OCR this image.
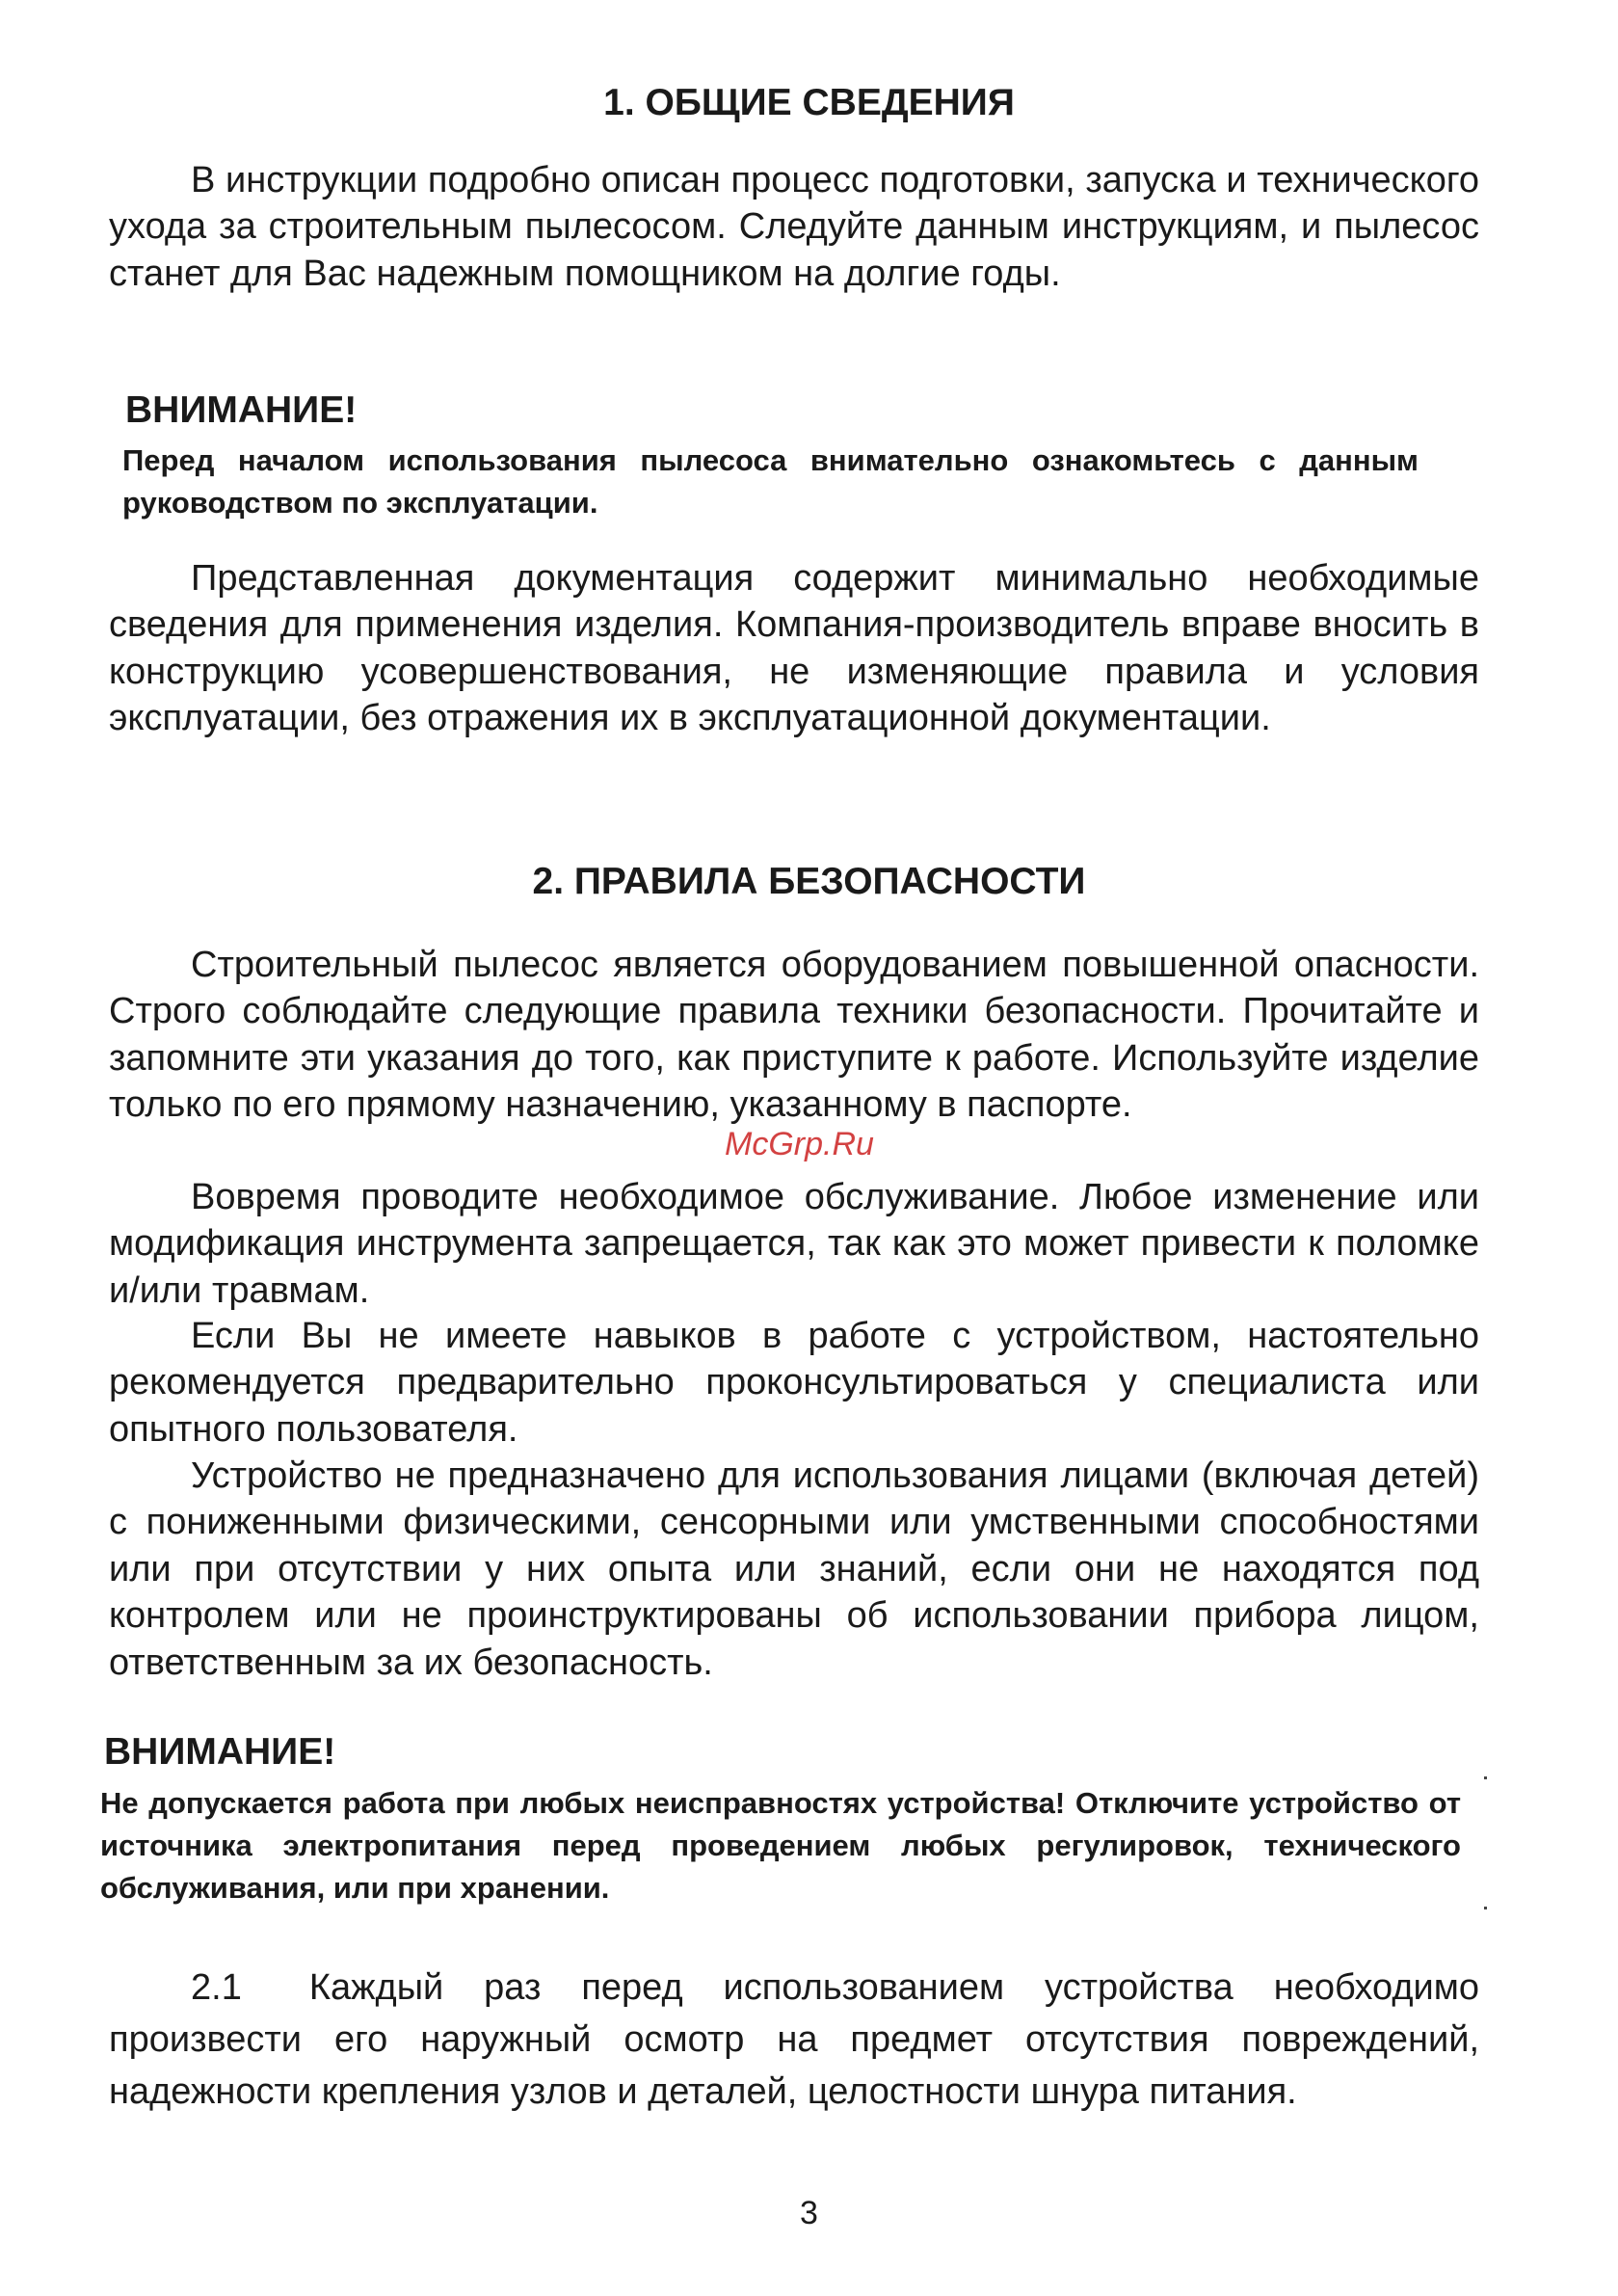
1. ОБЩИЕ СВЕДЕНИЯ

В инструкции подробно описан процесс подготовки, запуска и технического ухода за строительным пылесосом. Следуйте данным инструкциям, и пылесос станет для Вас надежным помощником на долгие годы.

ВНИМАНИЕ!

Перед началом использования пылесоса внимательно ознакомьтесь с данным руководством по эксплуатации.

Представленная документация содержит минимально необходимые сведения для применения изделия. Компания-производитель вправе вносить в конструкцию усовершенствования, не изменяющие правила и условия эксплуатации, без отражения их в эксплуатационной документации.

2. ПРАВИЛА БЕЗОПАСНОСТИ

Строительный пылесос является оборудованием повышенной опасности. Строго соблюдайте следующие правила техники безопасности. Прочитайте и запомните эти указания до того, как приступите к работе. Используйте изделие только по его прямому назначению, указанному в паспорте.

Вовремя проводите необходимое обслуживание. Любое изменение или модификация инструмента запрещается, так как это может привести к поломке и/или травмам.

Если Вы не имеете навыков в работе с устройством, настоятельно рекомендуется предварительно проконсультироваться у специалиста или опытного пользователя.

Устройство не предназначено для использования лицами (включая детей) с пониженными физическими, сенсорными или умственными способностями или при отсутствии у них опыта или знаний, если они не находятся под контролем или не проинструктированы об использовании прибора лицом, ответственным за их безопасность.

McGrp.Ru
ВНИМАНИЕ!

Не допускается работа при любых неисправностях устройства! Отключите устройство от источника электропитания перед проведением любых регулировок, технического обслуживания, или при хранении.

2.1 Каждый раз перед использованием устройства необходимо произвести его наружный осмотр на предмет отсутствия повреждений, надежности крепления узлов и деталей, целостности шнура питания.

3
